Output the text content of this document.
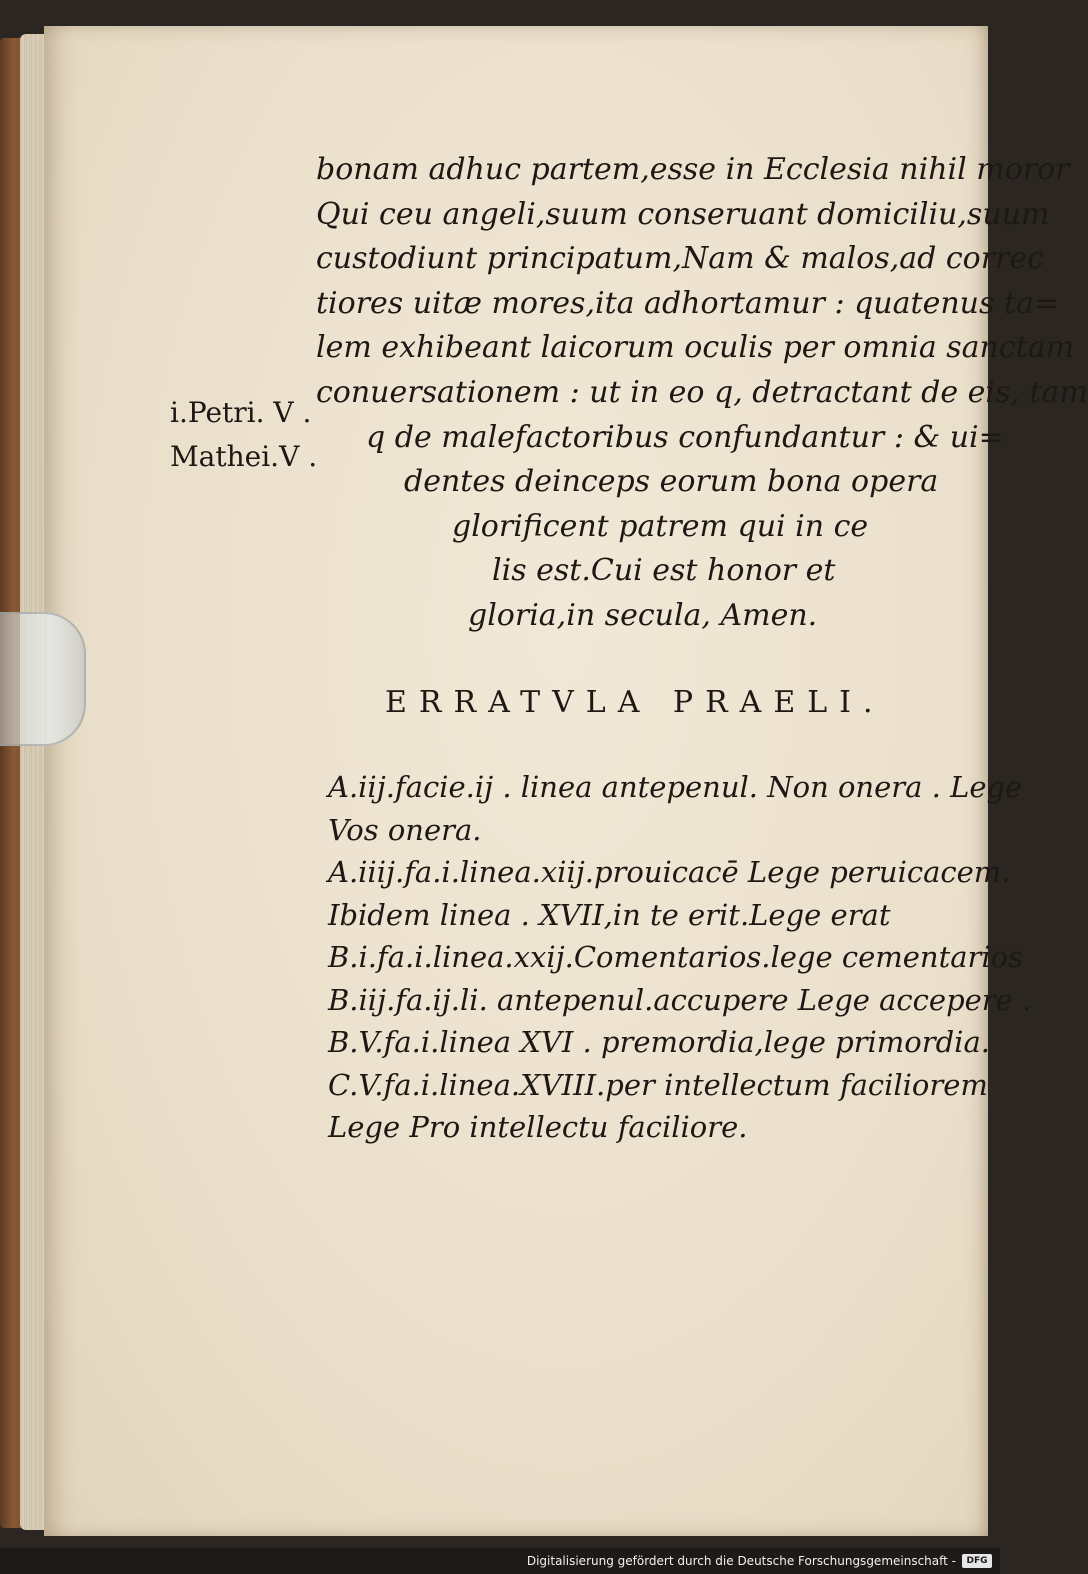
bonam adhuc partem,esse in Ecclesia nihil moror
Qui ceu angeli,suum conseruant domiciliu,suum
custodiunt principatum,Nam & malos,ad correc
tiores uitæ mores,ita adhortamur : quatenus ta=
lem exhibeant laicorum oculis per omnia sanctam
conuersationem : ut in eo q, detractant de eis, tam
q de malefactoribus confundantur : & ui=
dentes deinceps eorum bona opera
glorificent patrem qui in ce
lis est.Cui est honor et
gloria,in secula, Amen.
i.Petri. V .
Mathei.V .
ERRATVLA PRAELI.
A.iij.facie.ij . linea antepenul. Non onera . Lege
Vos onera.
A.iiij.fa.i.linea.xiij.prouicacē Lege peruicacem.
Ibidem linea . XVII,in te erit.Lege erat
B.i.fa.i.linea.xxij.Comentarios.lege cementarios
B.iij.fa.ij.li. antepenul.accupere Lege accepere .
B.V.fa.i.linea XVI . premordia,lege primordia.
C.V.fa.i.linea.XVIII.per intellectum faciliorem
Lege Pro intellectu faciliore.
Digitalisierung gefördert durch die Deutsche Forschungsgemeinschaft -	DFG
